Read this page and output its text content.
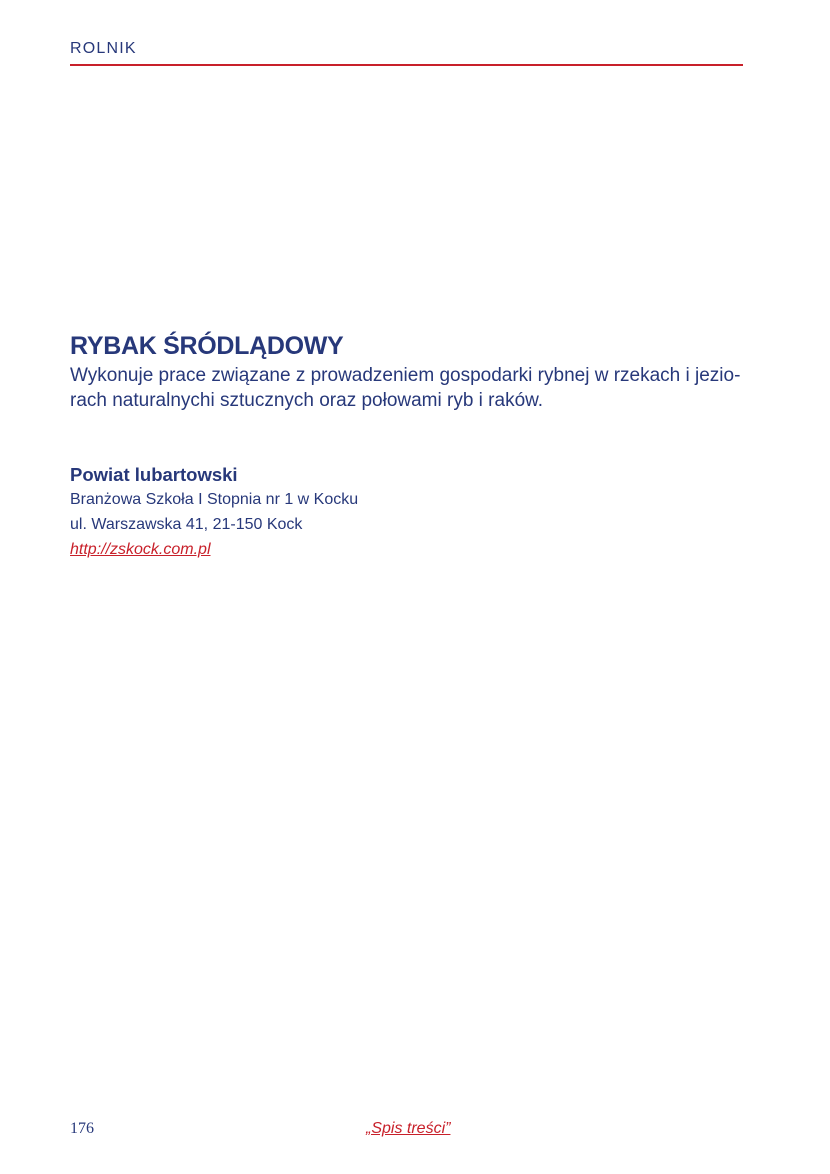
ROLNIK
RYBAK ŚRÓDLĄDOWY

Wykonuje prace związane z prowadzeniem gospodarki rybnej w rzekach i jezio-
rach naturalnychi sztucznych oraz połowami ryb i raków.

Powiat lubartowski
Branżowa Szkoła I Stopnia nr 1 w Kocku
ul. Warszawska 41, 21-150 Kock
http://zskock.com.pl
176	„Spis treści”
